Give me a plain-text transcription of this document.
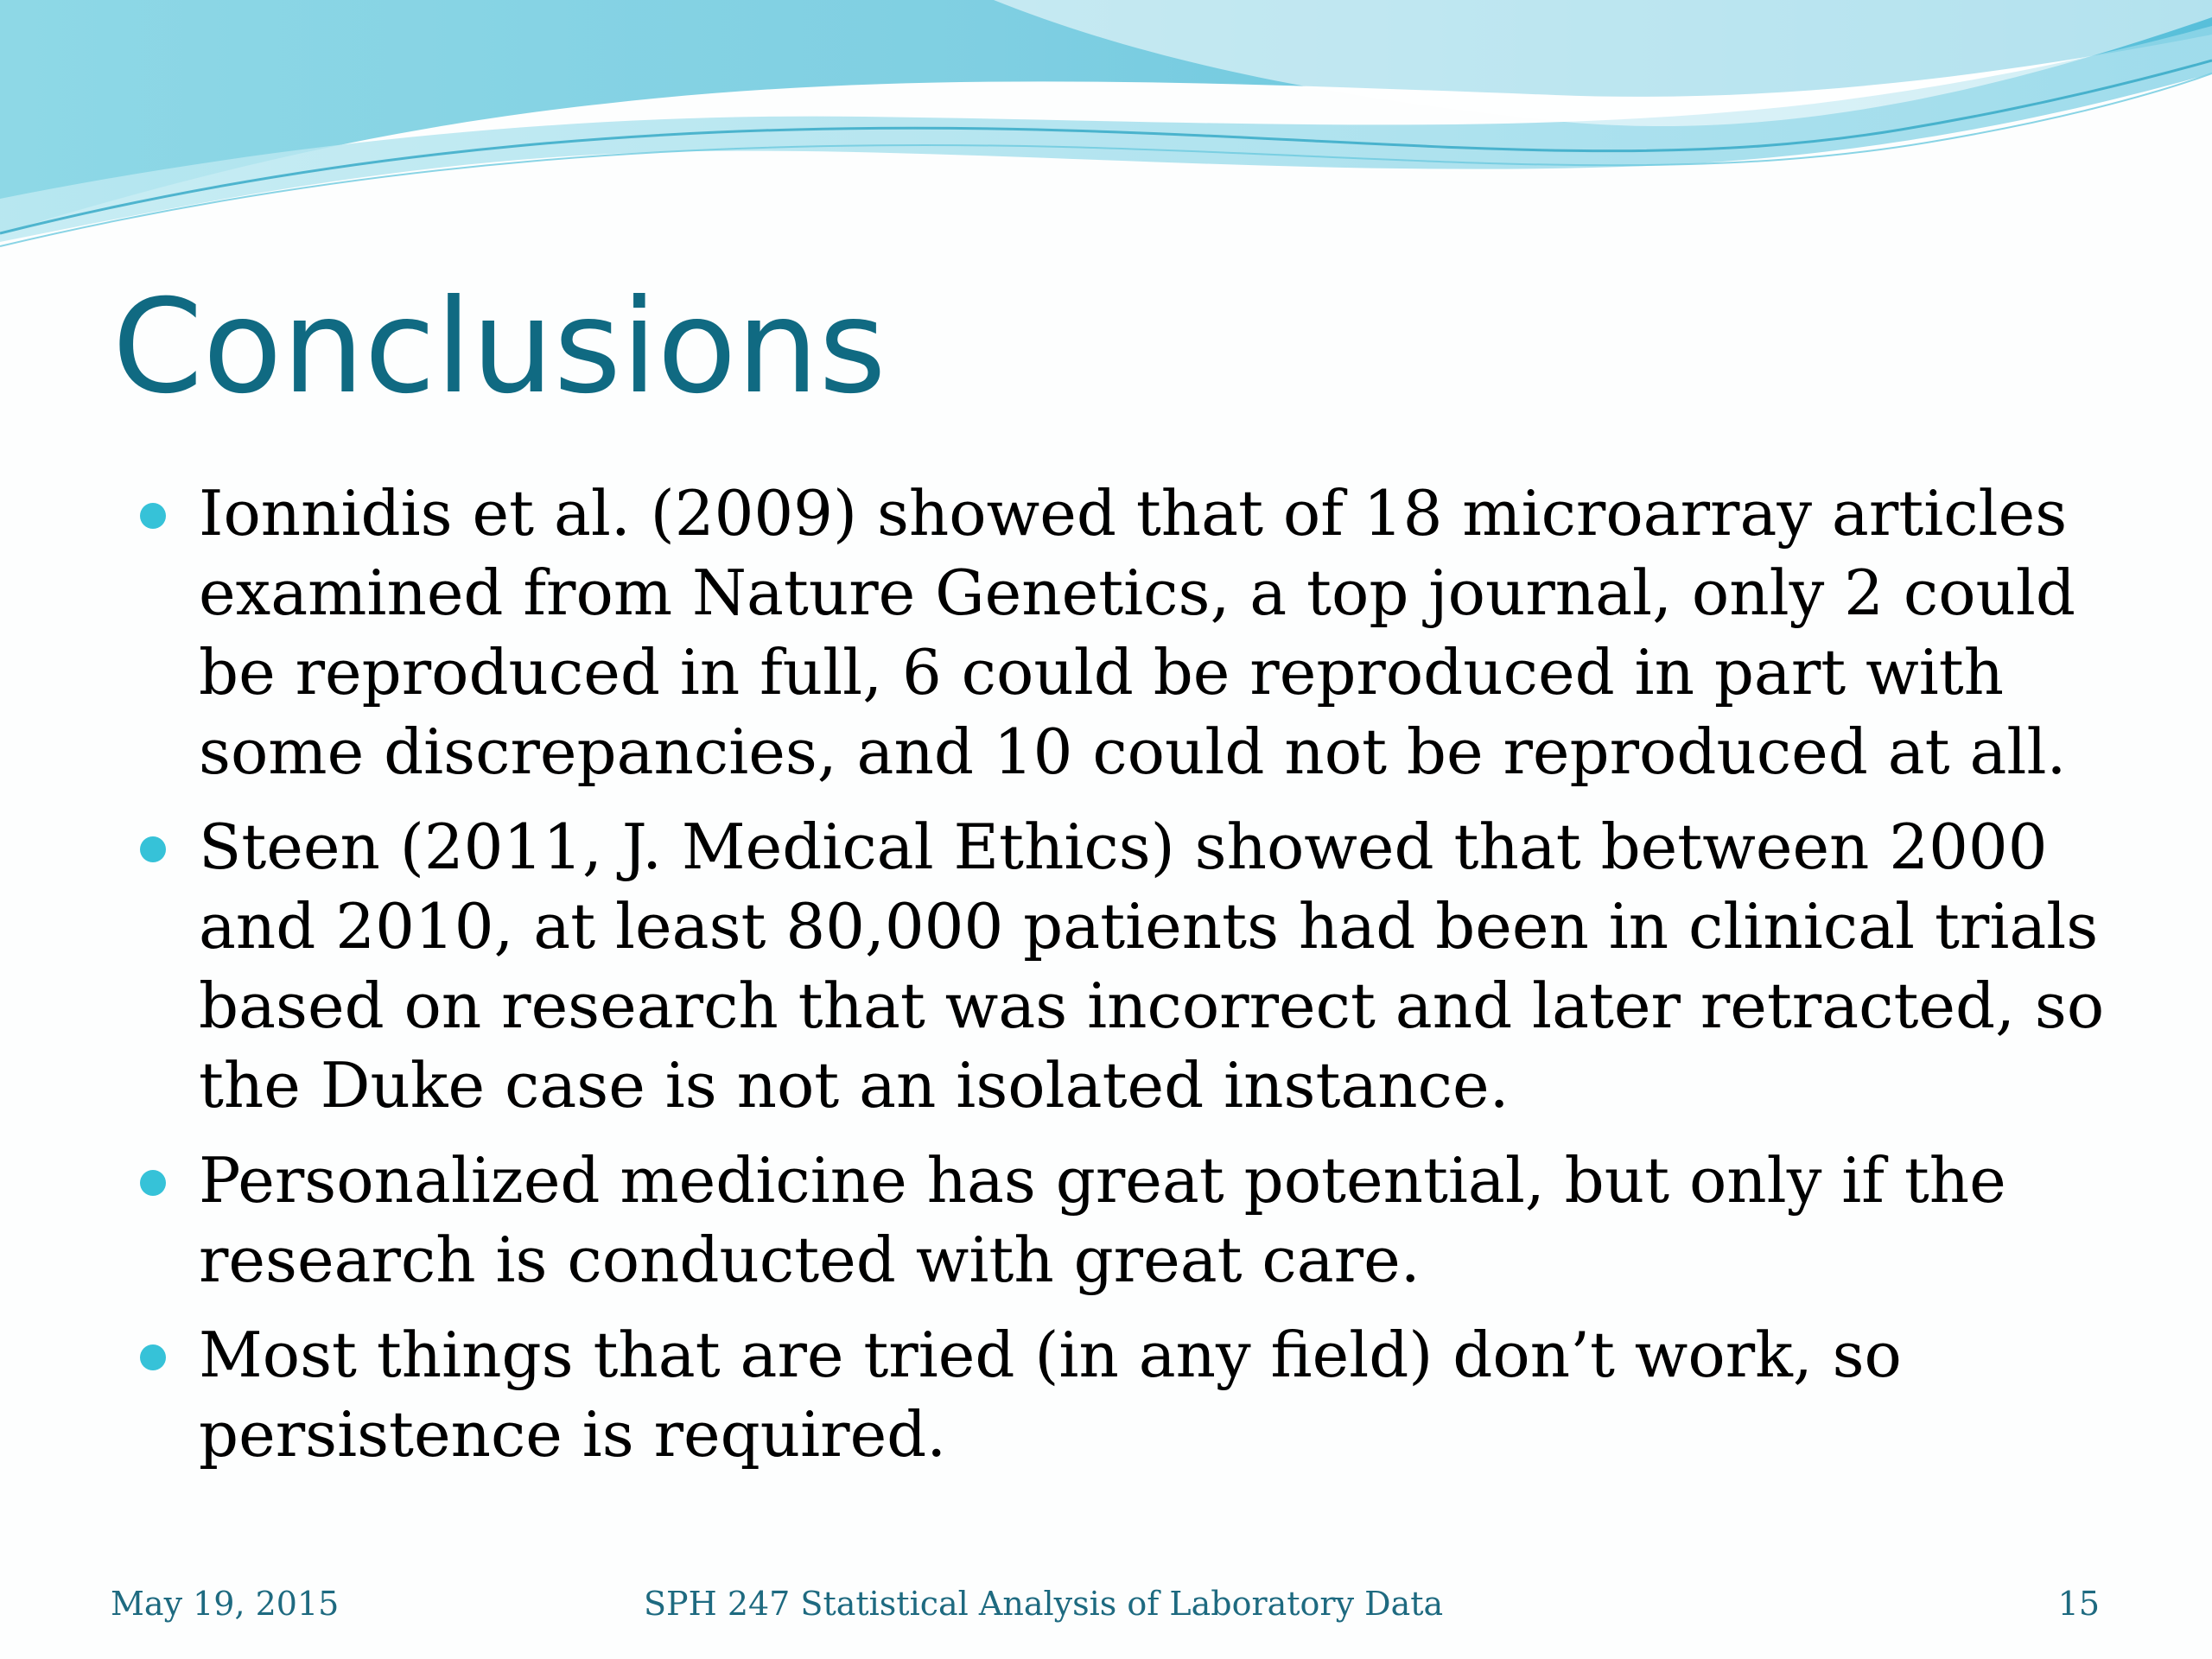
Conclusions
Ionnidis et al. (2009) showed that of 18 microarray articles examined from Nature Genetics, a top journal, only 2 could be reproduced in full, 6 could be reproduced in part with some discrepancies, and 10 could not be reproduced at all.
Steen (2011, J. Medical Ethics) showed that between 2000 and 2010, at least 80,000 patients had been in clinical trials based on research that was incorrect and later retracted, so the Duke case is not an isolated instance.
Personalized medicine has great potential, but only if the research is conducted with great care.
Most things that are tried (in any field) don’t work, so persistence is required.
May 19, 2015	SPH 247 Statistical Analysis of Laboratory Data	15
